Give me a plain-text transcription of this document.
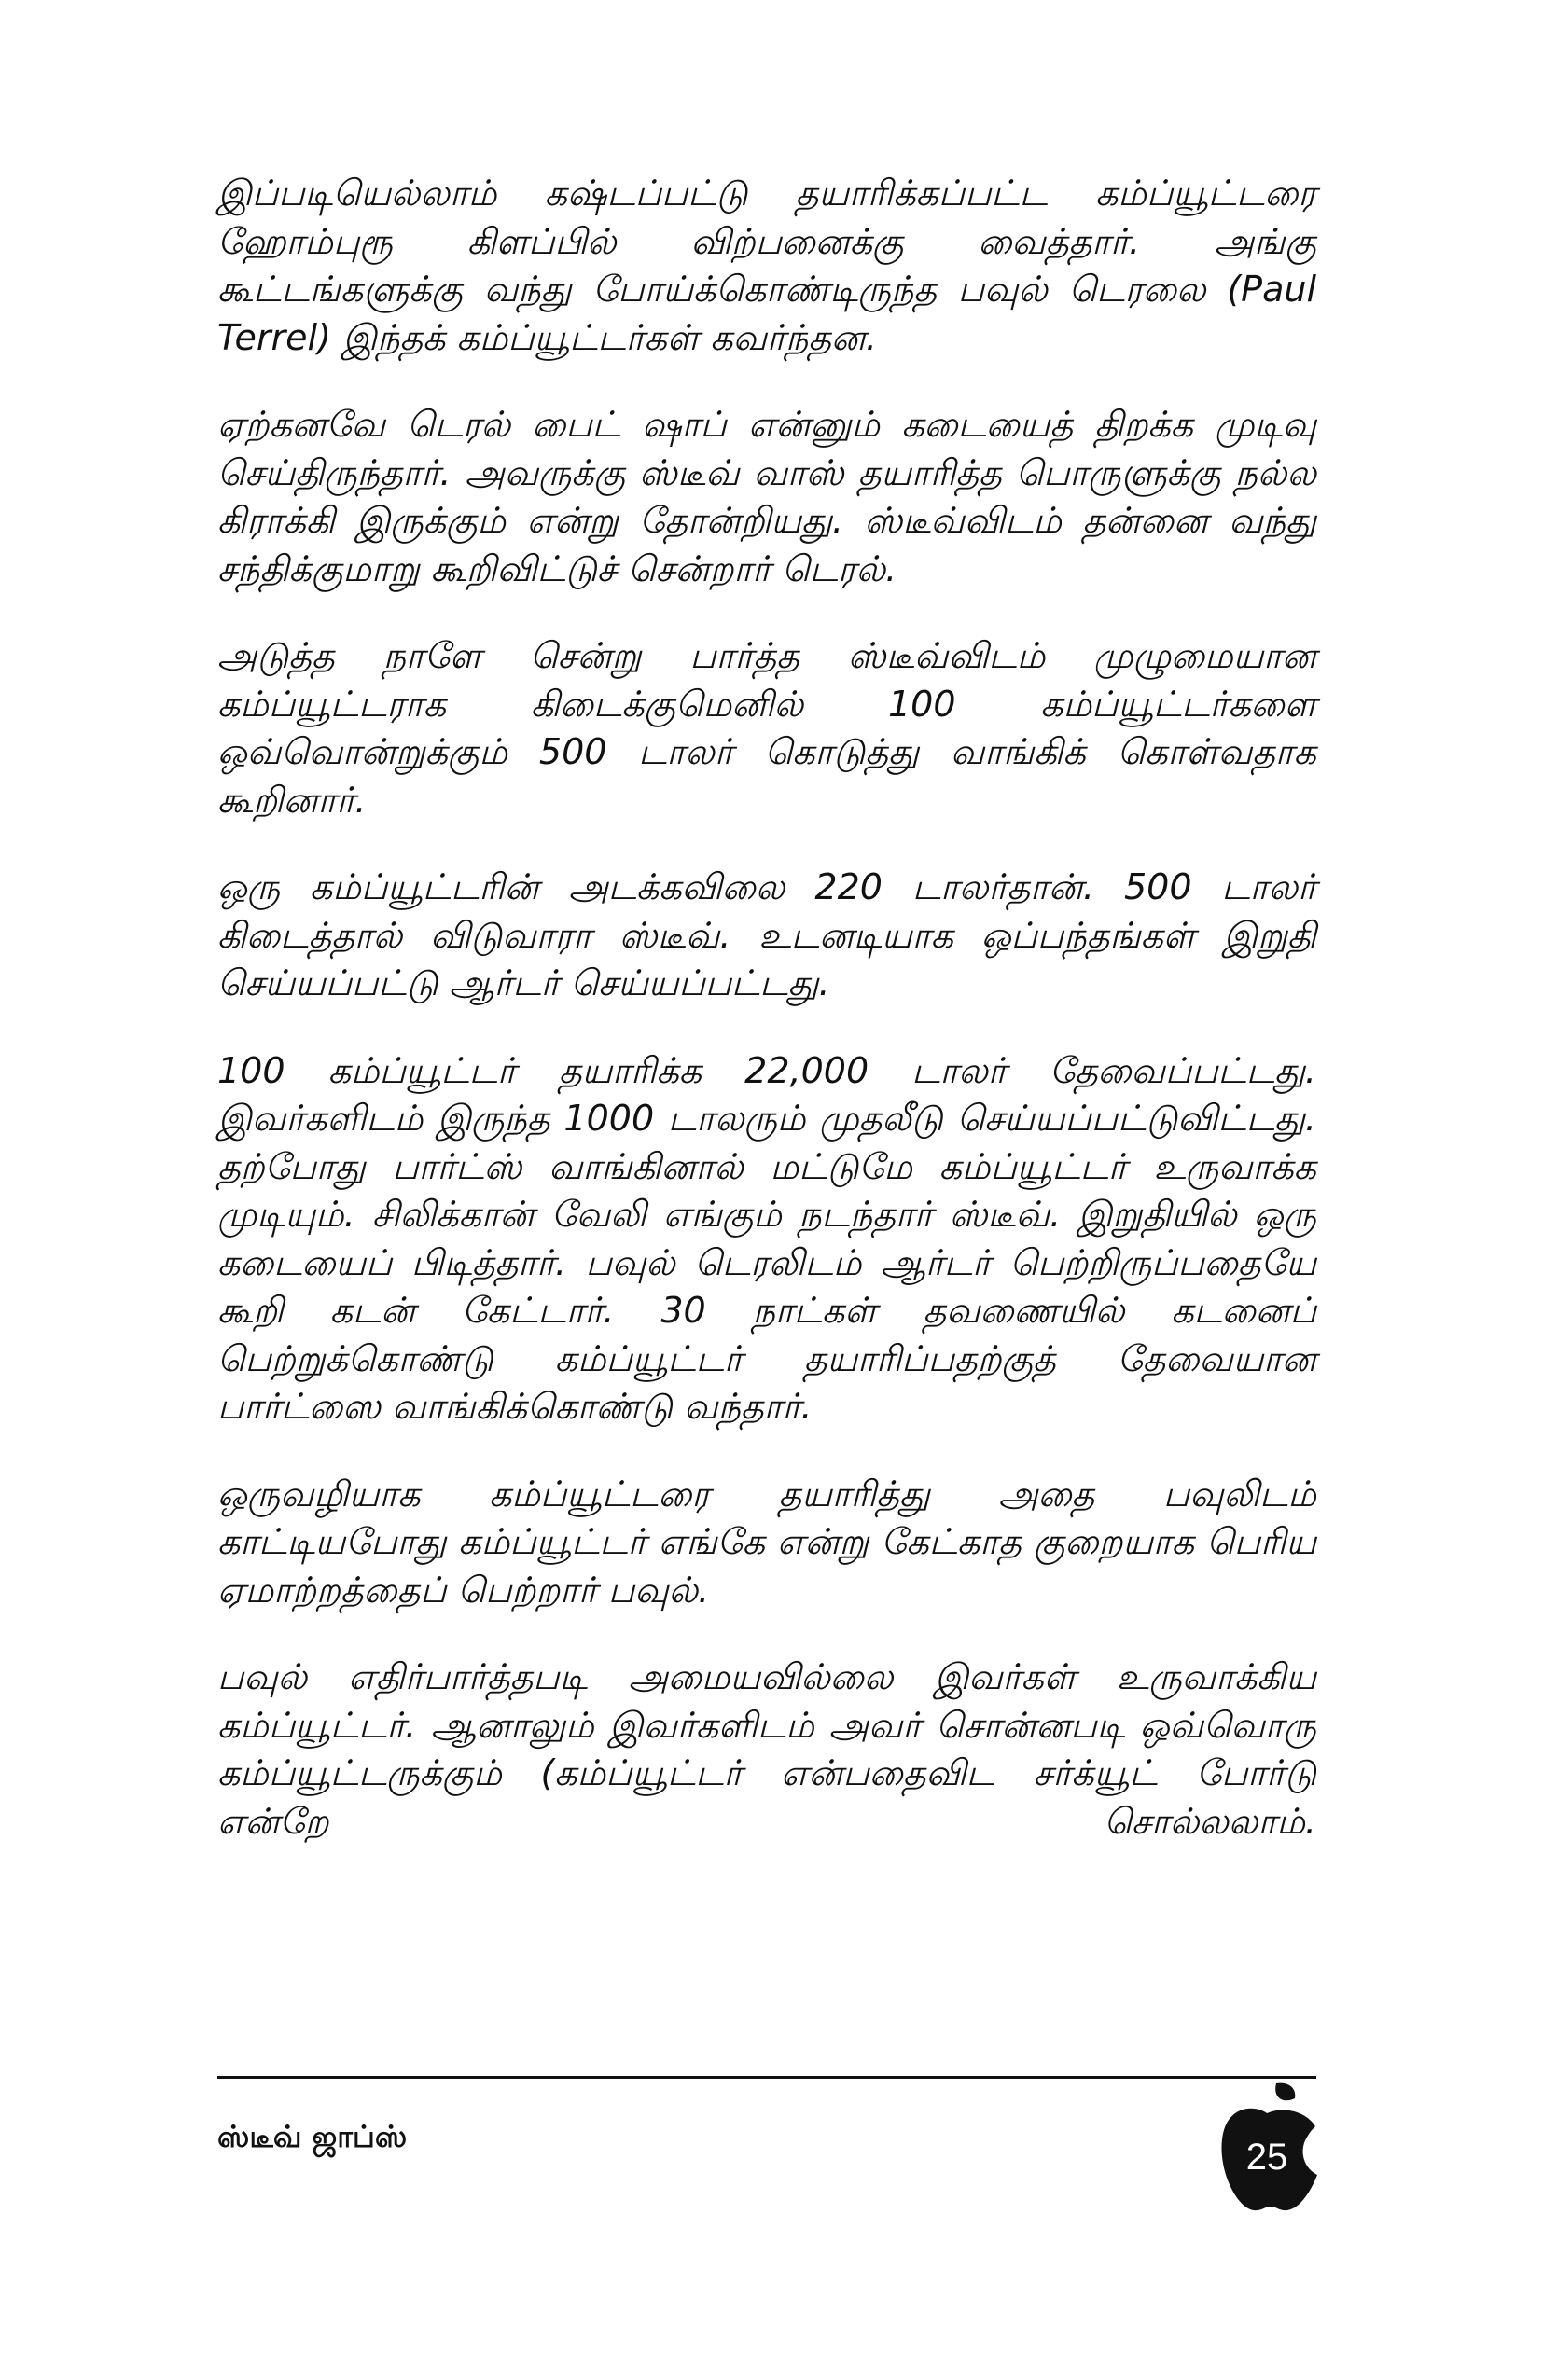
இப்படியெல்லாம் கஷ்டப்பட்டு தயாரிக்கப்பட்ட கம்ப்யூட்டரை ஹோம்புரூ கிளப்பில் விற்பனைக்கு வைத்தார். அங்கு கூட்டங்களுக்கு வந்து போய்க்கொண்டிருந்த பவுல் டெரலை (Paul Terrel) இந்தக் கம்ப்யூட்டர்கள் கவர்ந்தன.

ஏற்கனவே டெரல் பைட் ஷாப் என்னும் கடையைத் திறக்க முடிவு செய்திருந்தார். அவருக்கு ஸ்டீவ் வாஸ் தயாரித்த பொருளுக்கு நல்ல கிராக்கி இருக்கும் என்று தோன்றியது. ஸ்டீவ்விடம் தன்னை வந்து சந்திக்குமாறு கூறிவிட்டுச் சென்றார் டெரல்.

அடுத்த நாளே சென்று பார்த்த ஸ்டீவ்விடம் முழுமையான கம்ப்யூட்டராக கிடைக்குமெனில் 100 கம்ப்யூட்டர்களை ஒவ்வொன்றுக்கும் 500 டாலர் கொடுத்து வாங்கிக் கொள்வதாக கூறினார்.

ஒரு கம்ப்யூட்டரின் அடக்கவிலை 220 டாலர்தான். 500 டாலர் கிடைத்தால் விடுவாரா ஸ்டீவ். உடனடியாக ஒப்பந்தங்கள் இறுதி செய்யப்பட்டு ஆர்டர் செய்யப்பட்டது.

100 கம்ப்யூட்டர் தயாரிக்க 22,000 டாலர் தேவைப்பட்டது. இவர்களிடம் இருந்த 1000 டாலரும் முதலீடு செய்யப்பட்டுவிட்டது. தற்போது பார்ட்ஸ் வாங்கினால் மட்டுமே கம்ப்யூட்டர் உருவாக்க முடியும். சிலிக்கான் வேலி எங்கும் நடந்தார் ஸ்டீவ். இறுதியில் ஒரு கடையைப் பிடித்தார். பவுல் டெரலிடம் ஆர்டர் பெற்றிருப்பதையே கூறி கடன் கேட்டார். 30 நாட்கள் தவணையில் கடனைப் பெற்றுக்கொண்டு கம்ப்யூட்டர் தயாரிப்பதற்குத் தேவையான பார்ட்ஸை வாங்கிக்கொண்டு வந்தார்.

ஒருவழியாக கம்ப்யூட்டரை தயாரித்து அதை பவுலிடம் காட்டியபோது கம்ப்யூட்டர் எங்கே என்று கேட்காத குறையாக பெரிய ஏமாற்றத்தைப் பெற்றார் பவுல்.

பவுல் எதிர்பார்த்தபடி அமையவில்லை இவர்கள் உருவாக்கிய கம்ப்யூட்டர். ஆனாலும் இவர்களிடம் அவர் சொன்னபடி ஒவ்வொரு கம்ப்யூட்டருக்கும் (கம்ப்யூட்டர் என்பதைவிட சர்க்யூட் போர்டு என்றே சொல்லலாம்.

ஸ்டீவ் ஜாப்ஸ்	25
